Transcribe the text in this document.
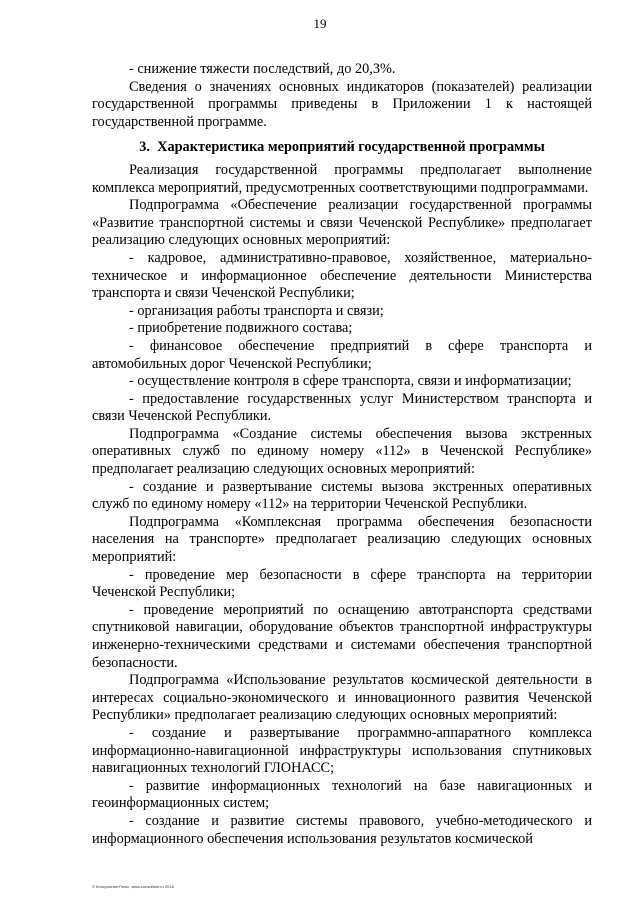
19

- снижение тяжести последствий, до 20,3%.

Сведения о значениях основных индикаторов (показателей) реализации государственной программы приведены в Приложении 1 к настоящей государственной программе.

3.  Характеристика мероприятий государственной программы

Реализация государственной программы предполагает выполнение комплекса мероприятий, предусмотренных соответствующими подпрограммами.

Подпрограмма «Обеспечение реализации государственной программы «Развитие транспортной системы и связи Чеченской Республике» предполагает реализацию следующих основных мероприятий:

- кадровое, административно-правовое, хозяйственное, материально-техническое и информационное обеспечение деятельности Министерства транспорта и связи Чеченской Республики;

- организация работы транспорта и связи;

- приобретение подвижного состава;

- финансовое обеспечение предприятий в сфере транспорта и автомобильных дорог Чеченской Республики;

- осуществление контроля в сфере транспорта, связи и информатизации;

- предоставление государственных услуг Министерством транспорта и связи Чеченской Республики.

Подпрограмма «Создание системы обеспечения вызова экстренных оперативных служб по единому номеру «112» в Чеченской Республике» предполагает реализацию следующих основных мероприятий:

- создание и развертывание системы вызова экстренных оперативных служб по единому номеру «112» на территории Чеченской Республики.

Подпрограмма «Комплексная программа обеспечения безопасности населения на транспорте» предполагает реализацию следующих основных мероприятий:

- проведение мер безопасности в сфере транспорта на территории Чеченской Республики;

- проведение мероприятий по оснащению автотранспорта средствами спутниковой навигации, оборудование объектов транспортной инфраструктуры инженерно-техническими средствами и системами обеспечения транспортной безопасности.

Подпрограмма «Использование результатов космической деятельности в интересах социально-экономического и инновационного развития Чеченской Республики» предполагает реализацию следующих основных мероприятий:

- создание и развертывание программно-аппаратного комплекса информационно-навигационной инфраструктуры использования спутниковых навигационных технологий ГЛОНАСС;

- развитие информационных технологий на базе навигационных и геоинформационных систем;

- создание и развитие системы правового, учебно-методического и информационного обеспечения использования результатов космической

© КонсультантПлюс, www.consultant.ru 2016
